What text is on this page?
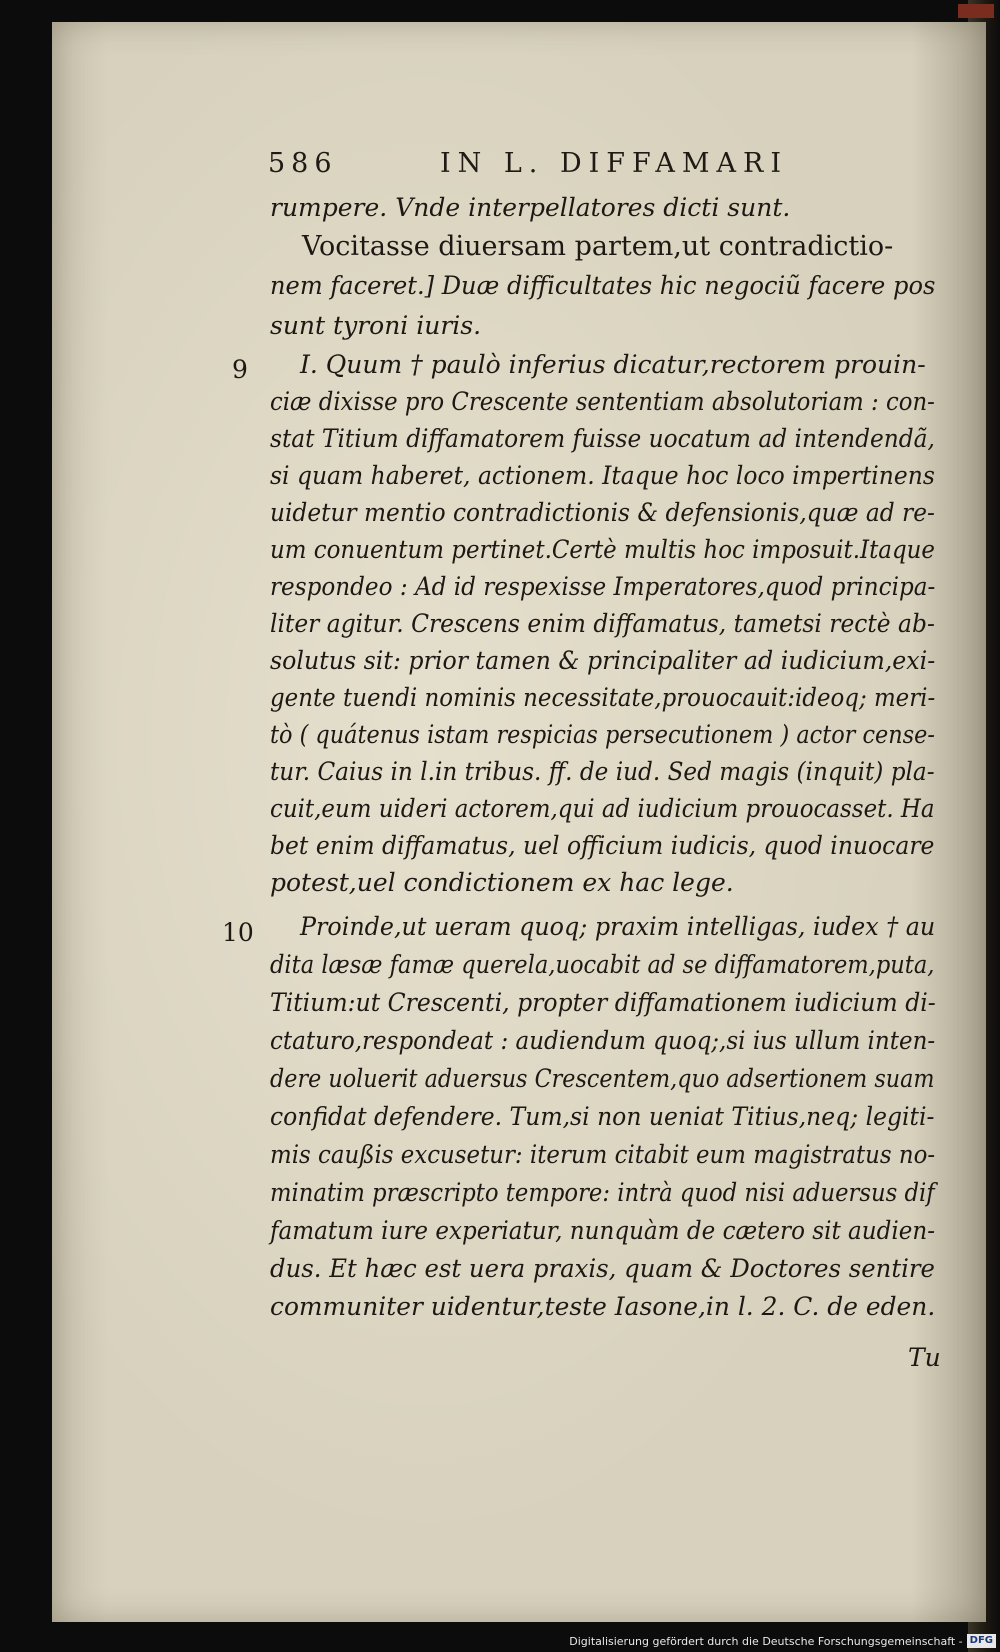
586	IN L. DIFFAMARI
rumpere. Vnde interpellatores dicti sunt.
Vocitasse diuersam partem,ut contradictio-
nem faceret.] Duæ difficultates hic negociũ facere pos
sunt tyroni iuris.
9 I. Quum † paulò inferius dicatur,rectorem prouin-
ciæ dixisse pro Crescente sententiam absolutoriam : con-
stat Titium diffamatorem fuisse uocatum ad intendendã,
si quam haberet, actionem. Itaque hoc loco impertinens
uidetur mentio contradictionis & defensionis,quæ ad re-
um conuentum pertinet.Certè multis hoc imposuit.Itaque
respondeo : Ad id respexisse Imperatores,quod principa-
liter agitur. Crescens enim diffamatus, tametsi rectè ab-
solutus sit: prior tamen & principaliter ad iudicium,exi-
gente tuendi nominis necessitate,prouocauit:ideoq; meri-
tò ( quátenus istam respicias persecutionem ) actor cense-
tur. Caius in l.in tribus. ff. de iud. Sed magis (inquit) pla-
cuit,eum uideri actorem,qui ad iudicium prouocasset. Ha
bet enim diffamatus, uel officium iudicis, quod inuocare
potest,uel condictionem ex hac lege.
10 Proinde,ut ueram quoq; praxim intelligas, iudex † au
dita læsæ famæ querela,uocabit ad se diffamatorem,puta,
Titium:ut Crescenti, propter diffamationem iudicium di-
ctaturo,respondeat : audiendum quoq;,si ius ullum inten-
dere uoluerit aduersus Crescentem,quo adsertionem suam
confidat defendere. Tum,si non ueniat Titius,neq; legiti-
mis caußis excusetur: iterum citabit eum magistratus no-
minatim præscripto tempore: intrà quod nisi aduersus dif
famatum iure experiatur, nunquàm de cætero sit audien-
dus. Et hæc est uera praxis, quam & Doctores sentire
communiter uidentur,teste Iasone,in l. 2. C. de eden.
Tu
Digitalisierung gefördert durch die Deutsche Forschungsgemeinschaft - DFG
